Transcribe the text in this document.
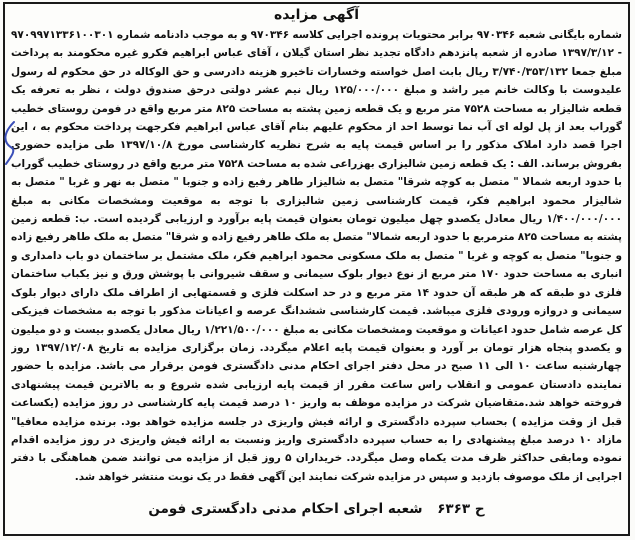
آگهی مزایده
شماره بایگانی شعبه ۹۷۰۳۴۶ برابر محتویات پرونده اجرایی کلاسه ۹۷۰۳۴۶ و به موجب دادنامه شماره ۹۷۰۹۹۷۱۳۳۶۱۰۰۳۰۱ - ۱۳۹۷/۳/۱۲ صادره از شعبه پانزدهم دادگاه تجدید نظر استان گیلان ، آقای عباس ابراهیم فکرو غیره محکومند به پرداخت مبلغ جمعا ۳/۷۴۰/۳۵۳/۱۳۲ ریال بابت اصل خواسته وخسارات تاخیرو هزینه دادرسی و حق الوکاله در حق محکوم له رسول علیدوست با وکالت خانم میر راشد و مبلغ ۱۲۵/۰۰۰/۰۰۰ ریال نیم عشر دولتی درحق صندوق دولت ، نظر به تعرفه یک قطعه شالیزار به مساحت ۷۵۲۸ متر مربع و یک قطعه زمین پشته به مساحت ۸۲۵ متر مربع واقع در فومن روستای خطیب گوراب بعد از پل لوله ای آب نما توسط احد از محکوم علیهم بنام آقای عباس ابراهیم فکرجهت پرداخت محکوم به ، این اجرا قصد دارد املاک مذکور را بر اساس قیمت پایه به شرح نظریه کارشناسی مورخ ۱۳۹۷/۱۰/۸ طی مزایده حضوری بفروش برساند. الف : یک قطعه زمین شالیزاری بهزراعی شده به مساحت ۷۵۲۸ متر مربع واقع در روستای خطیب گوراب با حدود اربعه شمالا " متصل به کوچه شرقا" متصل به شالیزار طاهر رفیع زاده و جنوبا " متصل به نهر و غربا " متصل به شالیزار محمود ابراهیم فکر، قیمت کارشناسی زمین شالیزاری با توجه به موقعیت ومشخصات مکانی به مبلغ ۱/۴۰۰/۰۰۰/۰۰۰ ریال معادل یکصدو چهل میلیون تومان بعنوان قیمت پایه برآورد و ارزیابی گردیده است. ب: قطعه زمین پشته به مساحت ۸۲۵ مترمربع با حدود اربعه شمالا" متصل به ملک طاهر رفیع زاده و شرقا" متصل به ملک طاهر رفیع زاده و جنوبا" متصل به کوچه و غربا " متصل به ملک مسکونی محمود ابراهیم فکر، ملک مشتمل بر ساختمان دو باب دامداری و انباری به مساحت حدود ۱۷۰ متر مربع از نوع دیوار بلوک سیمانی و سقف شیروانی با پوشش ورق و نیز یکباب ساختمان فلزی دو طبقه که هر طبقه آن حدود ۱۴ متر مربع و در حد اسکلت فلزی و قسمتهایی از اطراف ملک دارای دیوار بلوک سیمانی و دروازه ورودی فلزی میباشد. قیمت کارشناسی ششدانگ عرصه و اعیانات مذکور با توجه به مشخصات فیزیکی کل عرصه شامل حدود اعیانات و موقعیت ومشخصات مکانی به مبلغ ۱/۲۲۱/۵۰۰/۰۰۰ ریال معادل یکصدو بیست و دو میلیون و یکصدو پنجاه هزار تومان بر آورد و بعنوان قیمت پایه اعلام میگردد. زمان برگزاری مزایده به تاریخ ۱۳۹۷/۱۲/۰۸ روز چهارشنبه ساعت ۱۰ الی ۱۱ صبح در محل دفتر اجرای احکام مدنی دادگستری فومن برقرار می باشد. مزایده با حضور نماینده دادستان عمومی و انقلاب راس ساعت مقرر از قیمت پایه ارزیابی شده شروع و به بالاترین قیمت پیشنهادی فروخته خواهد شد.متقاضیان شرکت در مزایده موظف به واریز ۱۰ درصد قیمت پایه کارشناسی در روز مزایده (یکساعت قبل از وقت مزایده ) بحساب سپرده دادگستری و ارائه فیش واریزی در جلسه مزایده خواهد بود. برنده مزایده معافیا" مازاد ۱۰ درصد مبلغ پیشنهادی را به حساب سپرده دادگستری واریز ونسبت به ارائه فیش واریزی در روز مزایده اقدام نموده ومابقی حداکثر ظرف مدت یکماه وصل میگردد. خریداران ۵ روز قبل از مزایده می توانند ضمن هماهنگی با دفتر اجرایی از ملک موصوف بازدید و سپس در مزایده شرکت نمایند این آگهی فقط در یک نوبت منتشر خواهد شد.
ح ۶۳۶۳ شعبه اجرای احکام مدنی دادگستری فومن
